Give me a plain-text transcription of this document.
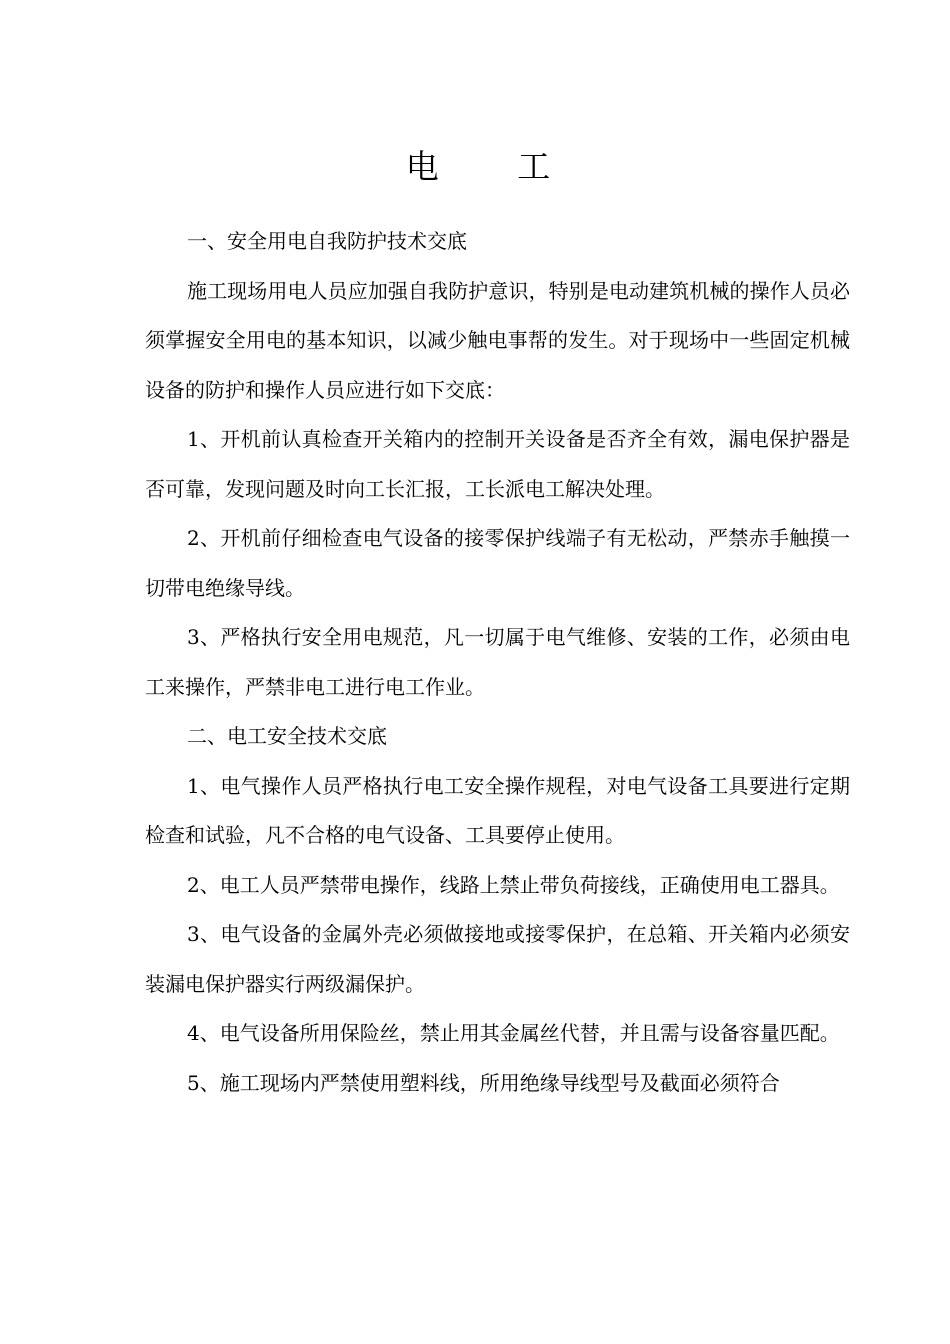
电 工

一、安全用电自我防护技术交底

施工现场用电人员应加强自我防护意识，特别是电动建筑机械的操作人员必须掌握安全用电的基本知识，以减少触电事帮的发生。对于现场中一些固定机械设备的防护和操作人员应进行如下交底：

1、开机前认真检查开关箱内的控制开关设备是否齐全有效，漏电保护器是否可靠，发现问题及时向工长汇报，工长派电工解决处理。

2、开机前仔细检查电气设备的接零保护线端子有无松动，严禁赤手触摸一切带电绝缘导线。

3、严格执行安全用电规范，凡一切属于电气维修、安装的工作，必须由电工来操作，严禁非电工进行电工作业。

二、电工安全技术交底

1、电气操作人员严格执行电工安全操作规程，对电气设备工具要进行定期检查和试验，凡不合格的电气设备、工具要停止使用。

2、电工人员严禁带电操作，线路上禁止带负荷接线，正确使用电工器具。

3、电气设备的金属外壳必须做接地或接零保护，在总箱、开关箱内必须安装漏电保护器实行两级漏保护。

4、电气设备所用保险丝，禁止用其金属丝代替，并且需与设备容量匹配。

5、施工现场内严禁使用塑料线，所用绝缘导线型号及截面必须符合
